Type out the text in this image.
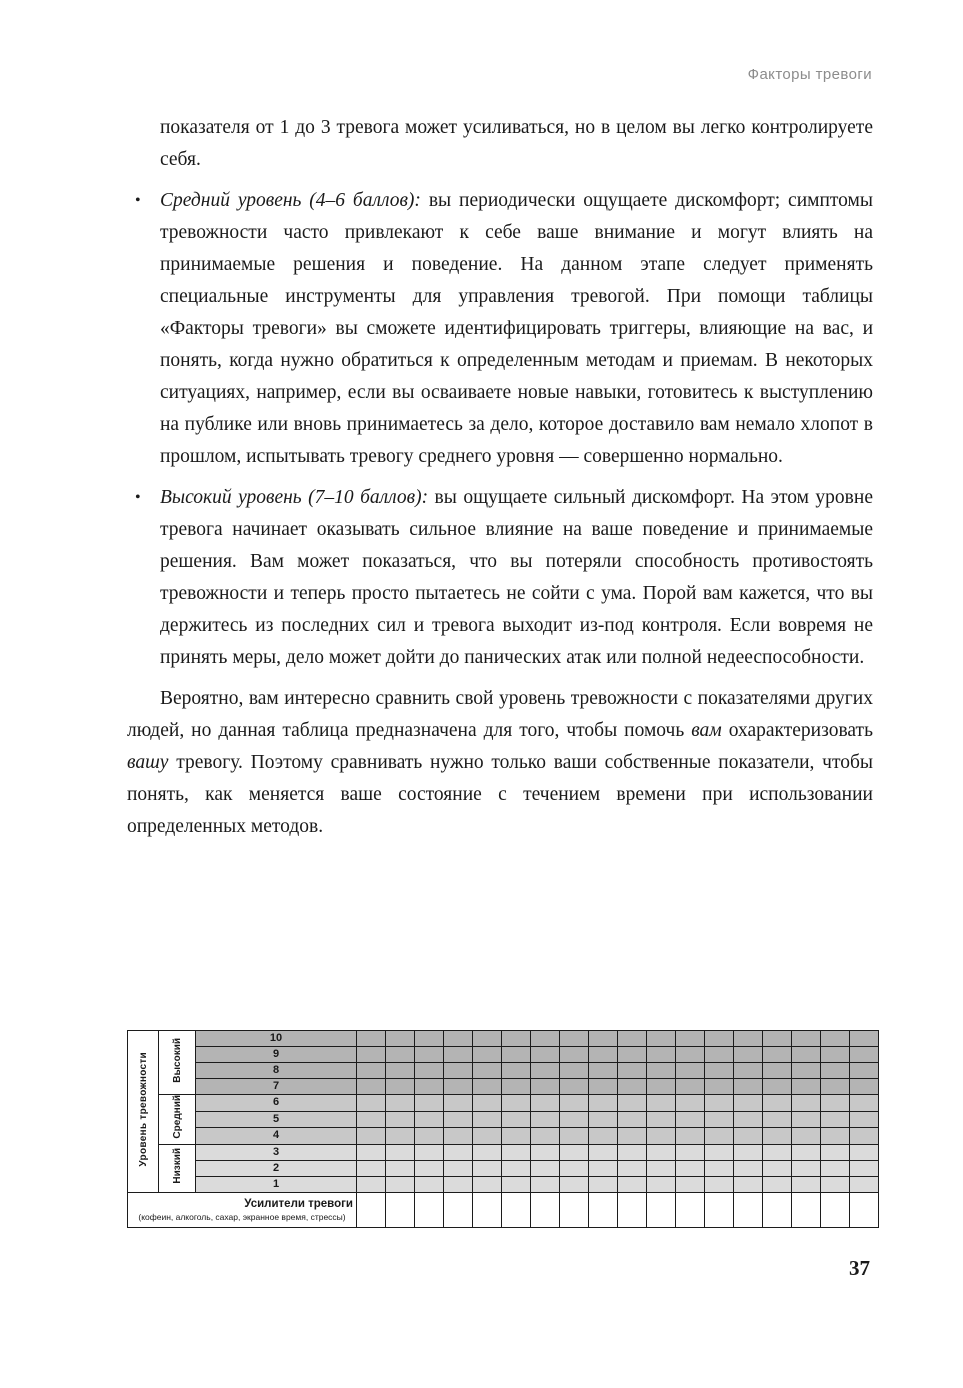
Факторы тревоги

показателя от 1 до 3 тревога может усиливаться, но в целом вы легко контролируете себя.

• Средний уровень (4–6 баллов): вы периодически ощущаете дискомфорт; симптомы тревожности часто привлекают к себе ваше внимание и могут влиять на принимаемые решения и поведение. На данном этапе следует применять специальные инструменты для управления тревогой. При помощи таблицы «Факторы тревоги» вы сможете идентифицировать триггеры, влияющие на вас, и понять, когда нужно обратиться к определенным методам и приемам. В некоторых ситуациях, например, если вы осваиваете новые навыки, готовитесь к выступлению на публике или вновь принимаетесь за дело, которое доставило вам немало хлопот в прошлом, испытывать тревогу среднего уровня — совершенно нормально.

• Высокий уровень (7–10 баллов): вы ощущаете сильный дискомфорт. На этом уровне тревога начинает оказывать сильное влияние на ваше поведение и принимаемые решения. Вам может показаться, что вы потеряли способность противостоять тревожности и теперь просто пытаетесь не сойти с ума. Порой вам кажется, что вы держитесь из последних сил и тревога выходит из-под контроля. Если вовремя не принять меры, дело может дойти до панических атак или полной недееспособности.

Вероятно, вам интересно сравнить свой уровень тревожности с показателями других людей, но данная таблица предназначена для того, чтобы помочь вам охарактеризовать вашу тревогу. Поэтому сравнивать нужно только ваши собственные показатели, чтобы понять, как меняется ваше состояние с течением времени при использовании определенных методов.

Уровень тревожности	Высокий	10																		
		9																		
		8																		
		7																		
	Средний	6																		
		5																		
		4																		
	Низкий	3																		
		2																		
		1																		

Усилители тревоги
(кофеин, алкоголь, сахар, экранное время, стрессы)																				

37
